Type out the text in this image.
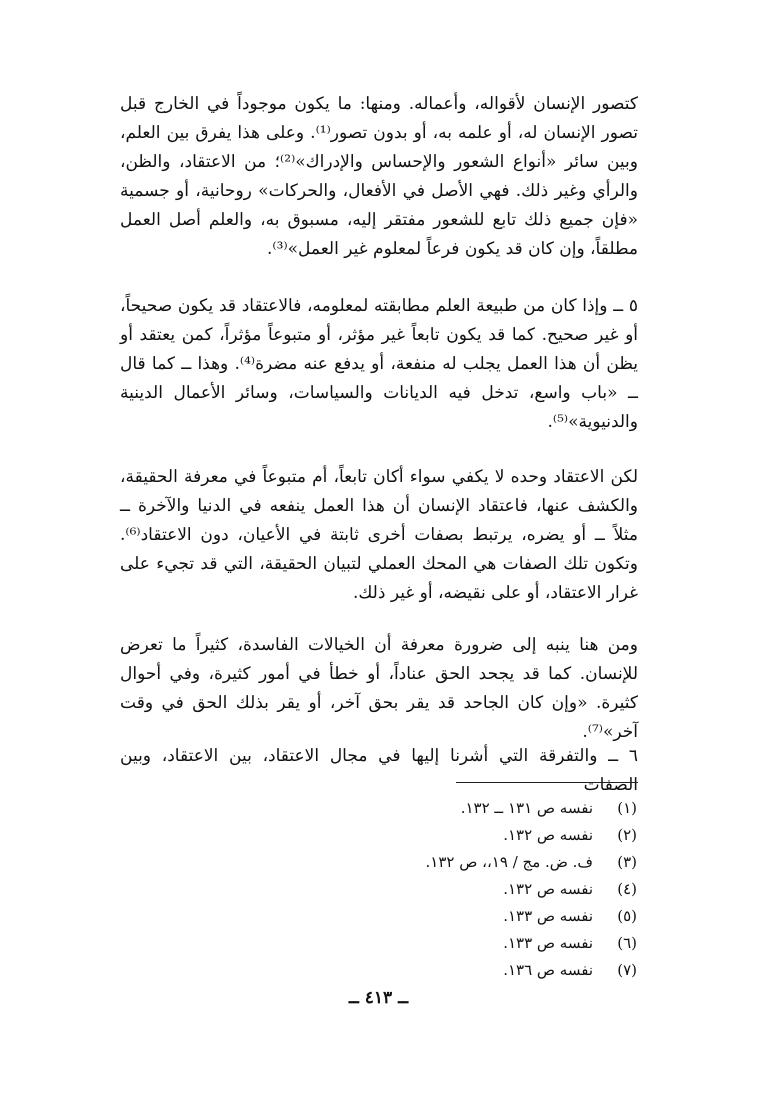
كتصور الإنسان لأقواله، وأعماله. ومنها: ما يكون موجوداً في الخارج قبل تصور الإنسان له، أو علمه به، أو بدون تصور⁽¹⁾. وعلى هذا يفرق بين العلم، وبين سائر «أنواع الشعور والإحساس والإدراك»⁽²⁾؛ من الاعتقاد، والظن، والرأي وغير ذلك. فهي الأصل في الأفعال، والحركات» روحانية، أو جسمية «فإن جميع ذلك تابع للشعور مفتقر إليه، مسبوق به، والعلم أصل العمل مطلقاً، وإن كان قد يكون فرعاً لمعلوم غير العمل»⁽³⁾.
٥ ــ وإذا كان من طبيعة العلم مطابقته لمعلومه، فالاعتقاد قد يكون صحيحاً، أو غير صحيح. كما قد يكون تابعاً غير مؤثر، أو متبوعاً مؤثراً، كمن يعتقد أو يظن أن هذا العمل يجلب له منفعة، أو يدفع عنه مضرة⁽⁴⁾. وهذا ــ كما قال ــ «باب واسع، تدخل فيه الديانات والسياسات، وسائر الأعمال الدينية والدنيوية»⁽⁵⁾.
لكن الاعتقاد وحده لا يكفي سواء أكان تابعاً، أم متبوعاً في معرفة الحقيقة، والكشف عنها، فاعتقاد الإنسان أن هذا العمل ينفعه في الدنيا والآخرة ــ مثلاً ــ أو يضره، يرتبط بصفات أخرى ثابتة في الأعيان، دون الاعتقاد⁽⁶⁾. وتكون تلك الصفات هي المحك العملي لتبيان الحقيقة، التي قد تجيء على غرار الاعتقاد، أو على نقيضه، أو غير ذلك.
ومن هنا ينبه إلى ضرورة معرفة أن الخيالات الفاسدة، كثيراً ما تعرض للإنسان. كما قد يجحد الحق عناداً، أو خطأ في أمور كثيرة، وفي أحوال كثيرة. «وإن كان الجاحد قد يقر بحق آخر، أو يقر بذلك الحق في وقت آخر»⁽⁷⁾.
٦ ــ والتفرقة التي أشرنا إليها في مجال الاعتقاد، بين الاعتقاد، وبين الصفات
(١)نفسه ص ١٣١ ــ ١٣٢.
(٢)نفسه ص ١٣٢.
(٣)ف. ض. مج / ١٩،، ص ١٣٢.
(٤)نفسه ص ١٣٢.
(٥)نفسه ص ١٣٣.
(٦)نفسه ص ١٣٣.
(٧)نفسه ص ١٣٦.
ــ ٤١٣ ــ
